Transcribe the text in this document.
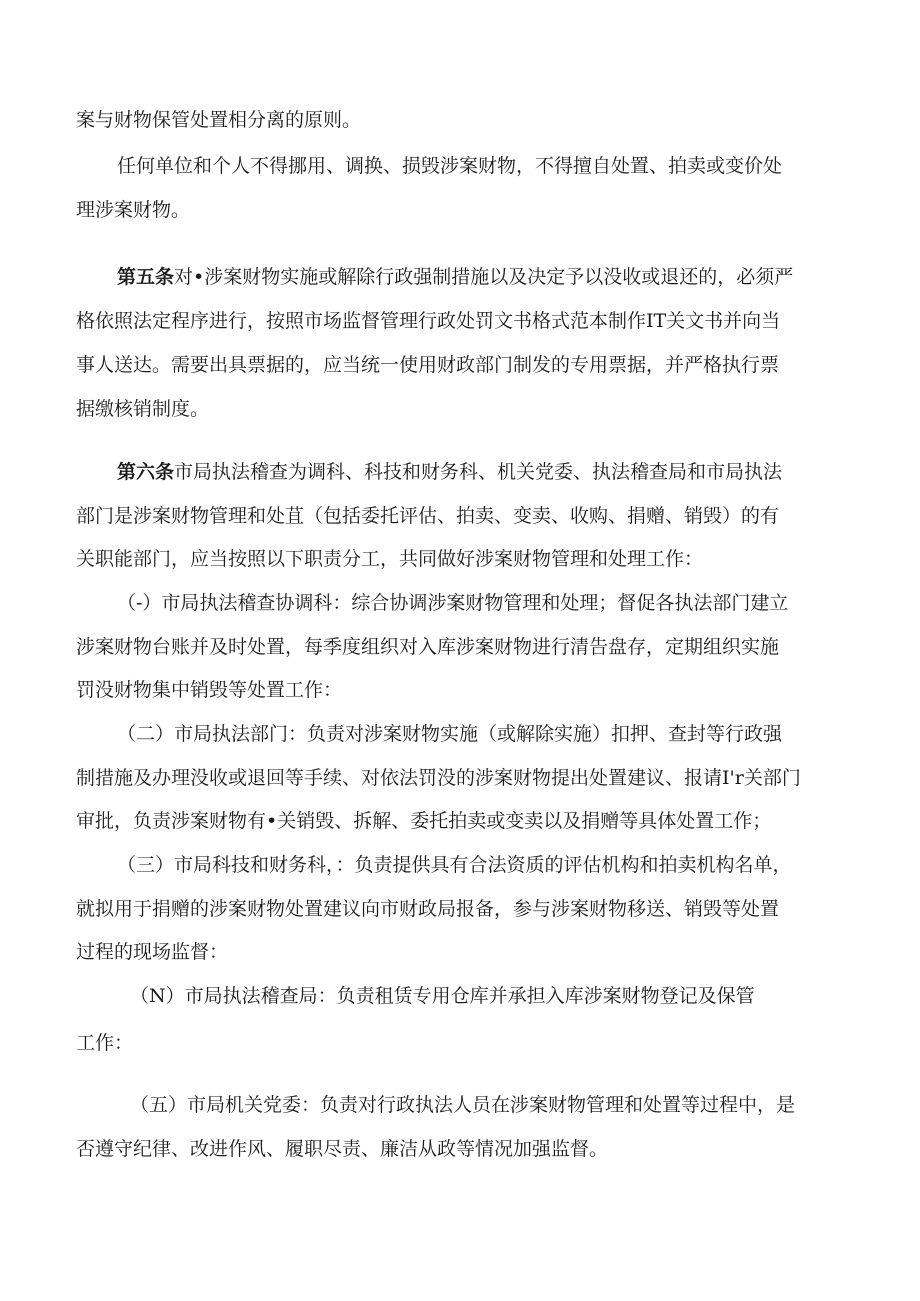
案与财物保管处置相分离的原则。
任何单位和个人不得挪用、调换、损毁涉案财物，不得擅自处置、拍卖或变价处
理涉案财物。
第五条对•涉案财物实施或解除行政强制措施以及决定予以没收或退还的，必须严
格依照法定程序进行，按照市场监督管理行政处罚文书格式范本制作IT关文书并向当
事人送达。需要出具票据的，应当统一使用财政部门制发的专用票据，并严格执行票
据缴核销制度。
第六条市局执法稽查为调科、科技和财务科、机关党委、执法稽查局和市局执法
部门是涉案财物管理和处苴（包括委托评估、拍卖、变卖、收购、捐赠、销毁）的有
关职能部门，应当按照以下职责分工，共同做好涉案财物管理和处理工作：
（-）市局执法稽查协调科：综合协调涉案财物管理和处理；督促各执法部门建立
涉案财物台账并及时处置，每季度组织对入库涉案财物进行清告盘存，定期组织实施
罚没财物集中销毁等处置工作：
（二）市局执法部门：负责对涉案财物实施（或解除实施）扣押、查封等行政强
制措施及办理没收或退回等手续、对依法罚没的涉案财物提出处置建议、报请I'r关部门
审批，负责涉案财物有•关销毁、拆解、委托拍卖或变卖以及捐赠等具体处置工作；
（三）市局科技和财务科，：负责提供具有合法资质的评估机构和拍卖机构名单，
就拟用于捐赠的涉案财物处置建议向市财政局报备，参与涉案财物移送、销毁等处置
过程的现场监督：
（N）市局执法稽查局：负责租赁专用仓库并承担入库涉案财物登记及保管
工作：
（五）市局机关党委：负责对行政执法人员在涉案财物管理和处置等过程中，是
否遵守纪律、改进作风、履职尽责、廉洁从政等情况加强监督。
